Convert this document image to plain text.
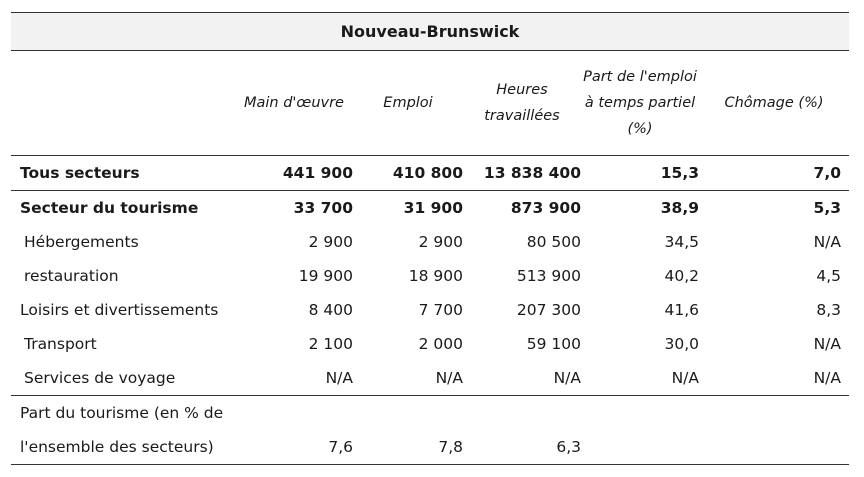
Nouveau-Brunswick
	Main d'œuvre	Emploi	Heures travaillées	Part de l'emploi à temps partiel (%)	Chômage (%)
Tous secteurs	441 900	410 800	13 838 400	15,3	7,0
Secteur du tourisme	33 700	31 900	873 900	38,9	5,3
Hébergements	2 900	2 900	80 500	34,5	N/A
restauration	19 900	18 900	513 900	40,2	4,5
Loisirs et divertissements	8 400	7 700	207 300	41,6	8,3
Transport	2 100	2 000	59 100	30,0	N/A
Services de voyage	N/A	N/A	N/A	N/A	N/A
Part du tourisme (en % de					
l'ensemble des secteurs)	7,6	7,8	6,3		
